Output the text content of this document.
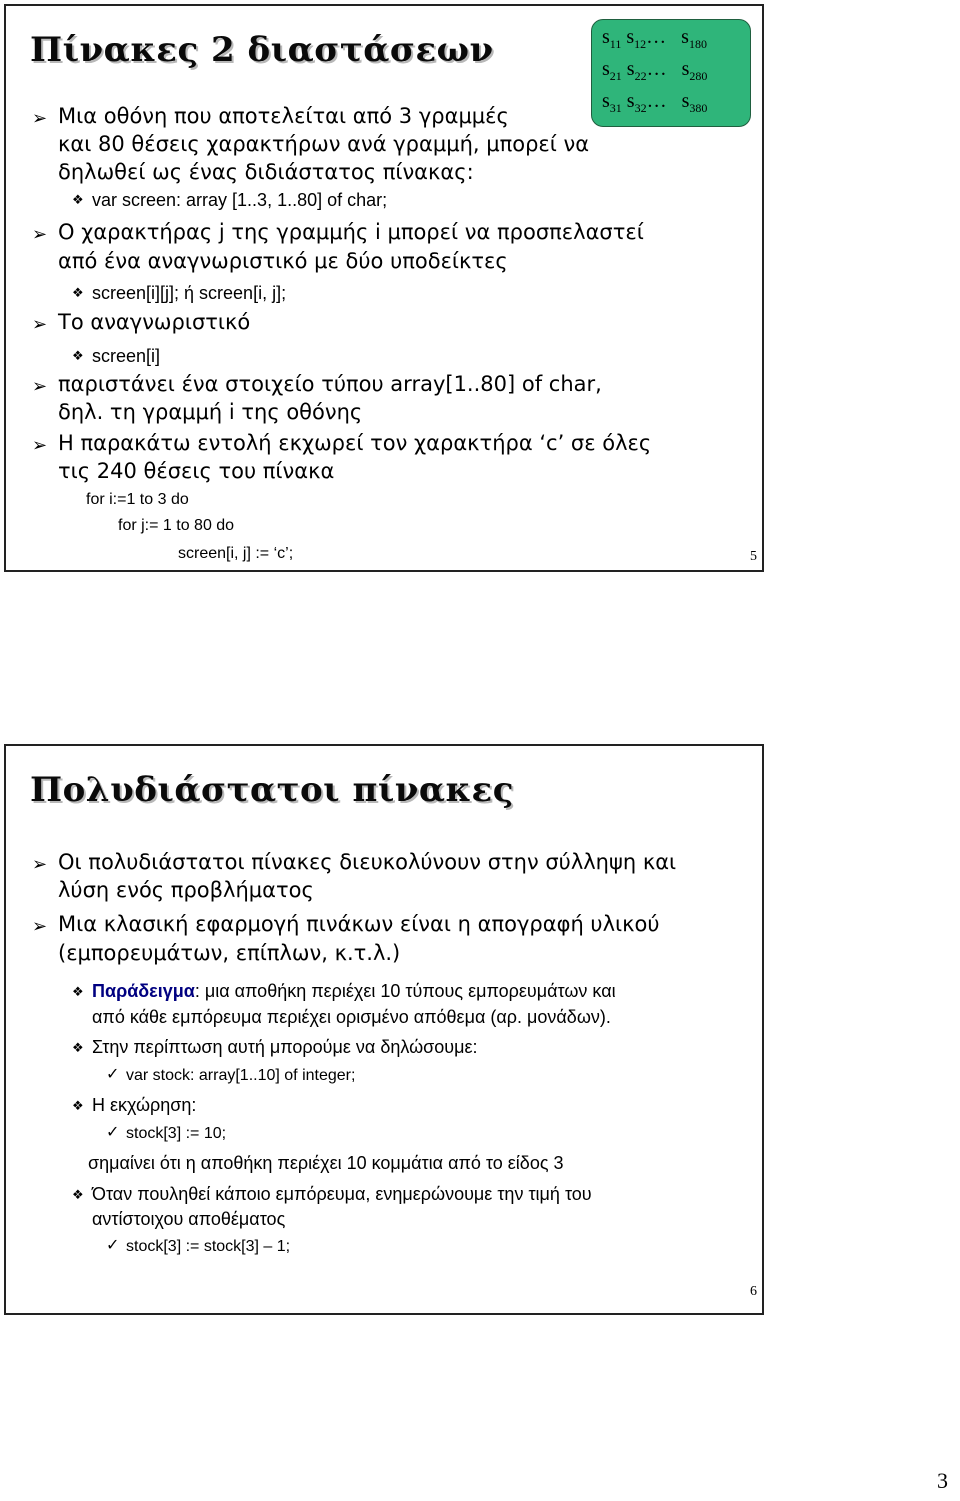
Πίνακες 2 διαστάσεων	$s_{11}$ $s_{12}\dots$ $s_{180}$
$s_{21}$ $s_{22}\dots$ $s_{280}$
$s_{31}$ $s_{32}\dots$ $s_{380}$
➢ Μια οθόνη που αποτελείται από 3 γραμμές
και 80 θέσεις χαρακτήρων ανά γραμμή, μπορεί να
δηλωθεί ως ένας διδιάστατος πίνακας:
❖ var screen: array [1..3, 1..80] of char;
➢ Ο χαρακτήρας j της γραμμής i μπορεί να προσπελαστεί
από ένα αναγνωριστικό με δύο υποδείκτες
❖ screen[i][j]; ή screen[i, j];
➢ Το αναγνωριστικό
❖ screen[i]
➢ παριστάνει ένα στοιχείο τύπου array[1..80] of char,
δηλ. τη γραμμή i της οθόνης
➢ Η παρακάτω εντολή εκχωρεί τον χαρακτήρα ‘c’ σε όλες
τις 240 θέσεις του πίνακα
for i:=1 to 3 do
for j:= 1 to 80 do
screen[i, j] := ‘c’;	5
Πολυδιάστατοι πίνακες
➢ Οι πολυδιάστατοι πίνακες διευκολύνουν στην σύλληψη και
λύση ενός προβλήματος
➢ Μια κλασική εφαρμογή πινάκων είναι η απογραφή υλικού
(εμπορευμάτων, επίπλων, κ.τ.λ.)
❖ Παράδειγμα: μια αποθήκη περιέχει 10 τύπους εμπορευμάτων και
από κάθε εμπόρευμα περιέχει ορισμένο απόθεμα (αρ. μονάδων).
❖ Στην περίπτωση αυτή μπορούμε να δηλώσουμε:
✓ var stock: array[1..10] of integer;
❖ Η εκχώρηση:
✓ stock[3] := 10;
σημαίνει ότι η αποθήκη περιέχει 10 κομμάτια από το είδος 3
❖ Όταν πουληθεί κάποιο εμπόρευμα, ενημερώνουμε την τιμή του
αντίστοιχου αποθέματος
✓ stock[3] := stock[3] – 1;
6
3
